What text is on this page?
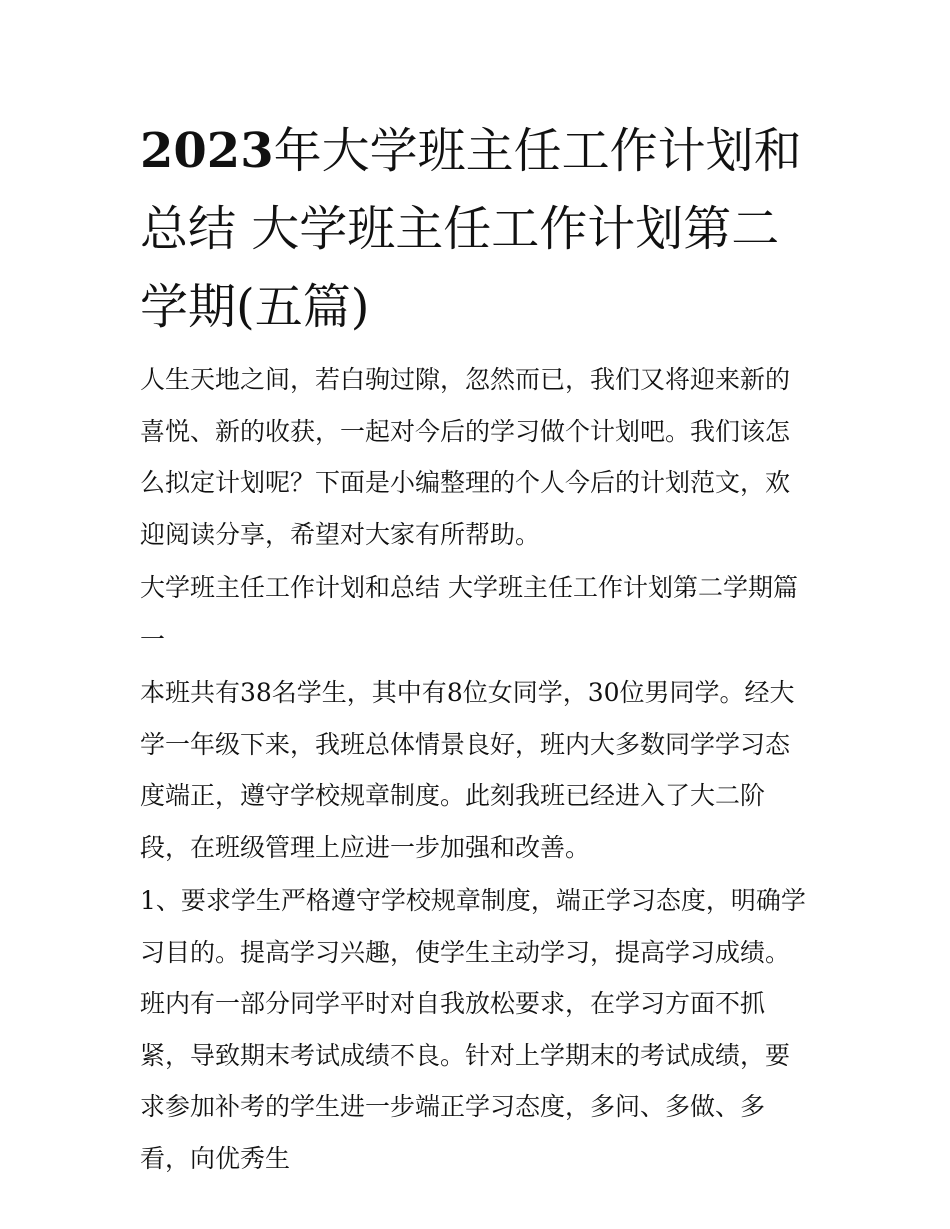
2023年大学班主任工作计划和总结 大学班主任工作计划第二学期(五篇)

人生天地之间，若白驹过隙，忽然而已，我们又将迎来新的喜悦、新的收获，一起对今后的学习做个计划吧。我们该怎么拟定计划呢？下面是小编整理的个人今后的计划范文，欢迎阅读分享，希望对大家有所帮助。

大学班主任工作计划和总结 大学班主任工作计划第二学期篇一

本班共有38名学生，其中有8位女同学，30位男同学。经大学一年级下来，我班总体情景良好，班内大多数同学学习态度端正，遵守学校规章制度。此刻我班已经进入了大二阶段，在班级管理上应进一步加强和改善。

1、要求学生严格遵守学校规章制度，端正学习态度，明确学习目的。提高学习兴趣，使学生主动学习，提高学习成绩。班内有一部分同学平时对自我放松要求，在学习方面不抓紧，导致期末考试成绩不良。针对上学期末的考试成绩，要求参加补考的学生进一步端正学习态度，多问、多做、多看，向优秀生
